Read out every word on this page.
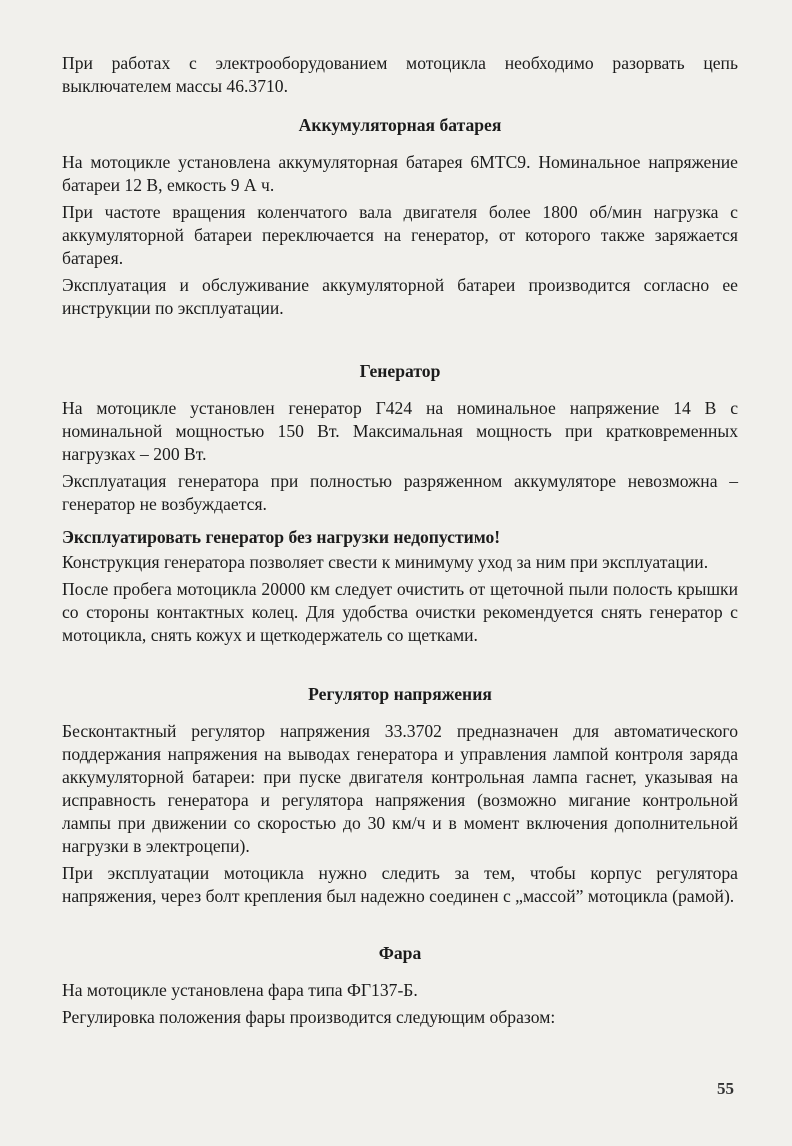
При работах с электрооборудованием мотоцикла необходимо разорвать цепь выключателем массы 46.3710.

Аккумуляторная батарея

На мотоцикле установлена аккумуляторная батарея 6МТС9. Номинальное напряжение батареи 12 В, емкость 9 А ч.

При частоте вращения коленчатого вала двигателя более 1800 об/мин нагрузка с аккумуляторной батареи переключается на генератор, от которого также заряжается батарея.

Эксплуатация и обслуживание аккумуляторной батареи производится согласно ее инструкции по эксплуатации.

Генератор

На мотоцикле установлен генератор Г424 на номинальное напряжение 14 В с номинальной мощностью 150 Вт. Максимальная мощность при кратковременных нагрузках – 200 Вт.

Эксплуатация генератора при полностью разряженном аккумуляторе невозможна – генератор не возбуждается.

Эксплуатировать генератор без нагрузки недопустимо!

Конструкция генератора позволяет свести к минимуму уход за ним при эксплуатации.

После пробега мотоцикла 20000 км следует очистить от щеточной пыли полость крышки со стороны контактных колец. Для удобства очистки рекомендуется снять генератор с мотоцикла, снять кожух и щеткодержатель со щетками.

Регулятор напряжения

Бесконтактный регулятор напряжения 33.3702 предназначен для автоматического поддержания напряжения на выводах генератора и управления лампой контроля заряда аккумуляторной батареи: при пуске двигателя контрольная лампа гаснет, указывая на исправность генератора и регулятора напряжения (возможно мигание контрольной лампы при движении со скоростью до 30 км/ч и в момент включения дополнительной нагрузки в электроцепи).

При эксплуатации мотоцикла нужно следить за тем, чтобы корпус регулятора напряжения, через болт крепления был надежно соединен с „массой” мотоцикла (рамой).

Фара

На мотоцикле установлена фара типа ФГ137-Б.

Регулировка положения фары производится следующим образом:

55
